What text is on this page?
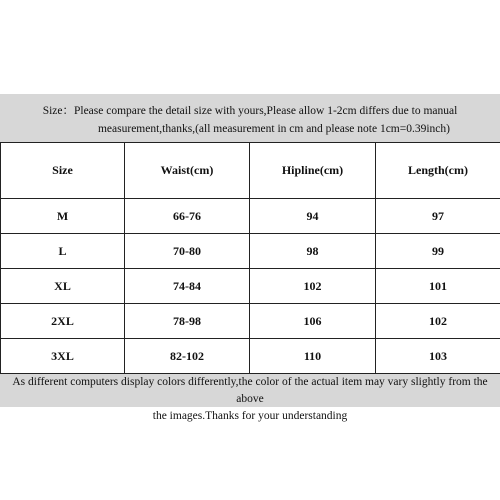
Size：Please compare the detail size with yours,Please allow 1-2cm differs due to manual

measurement,thanks,(all measurement in cm and please note 1cm=0.39inch)
Size	Waist(cm)	Hipline(cm)	Length(cm)
M	66-76	94	97
L	70-80	98	99
XL	74-84	102	101
2XL	78-98	106	102
3XL	82-102	110	103
As different computers display colors differently,the color of the actual item may vary slightly from the above
the images.Thanks for your understanding
